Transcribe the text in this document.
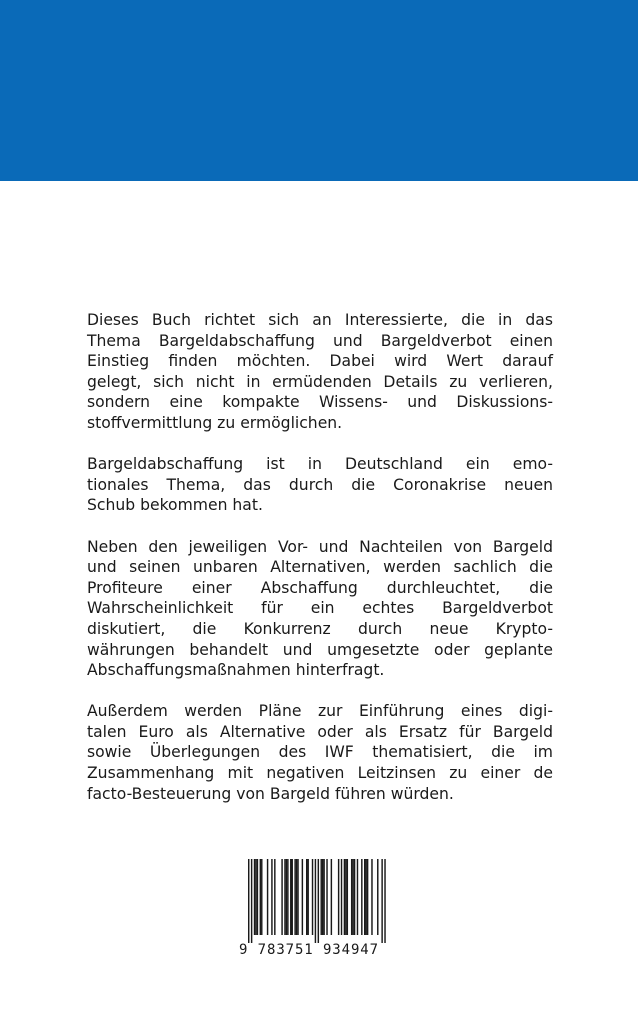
Dieses Buch richtet sich an Interessierte, die in das
Thema Bargeldabschaffung und Bargeldverbot einen
Einstieg finden möchten. Dabei wird Wert darauf
gelegt, sich nicht in ermüdenden Details zu verlieren,
sondern eine kompakte Wissens- und Diskussions-
stoffvermittlung zu ermöglichen.
Bargeldabschaffung ist in Deutschland ein emo-
tionales Thema, das durch die Coronakrise neuen
Schub bekommen hat.
Neben den jeweiligen Vor- und Nachteilen von Bargeld
und seinen unbaren Alternativen, werden sachlich die
Profiteure einer Abschaffung durchleuchtet, die
Wahrscheinlichkeit für ein echtes Bargeldverbot
diskutiert, die Konkurrenz durch neue Krypto-
währungen behandelt und umgesetzte oder geplante
Abschaffungsmaßnahmen hinterfragt.
Außerdem werden Pläne zur Einführung eines digi-
talen Euro als Alternative oder als Ersatz für Bargeld
sowie Überlegungen des IWF thematisiert, die im
Zusammenhang mit negativen Leitzinsen zu einer de
facto-Besteuerung von Bargeld führen würden.
9 783751 934947
